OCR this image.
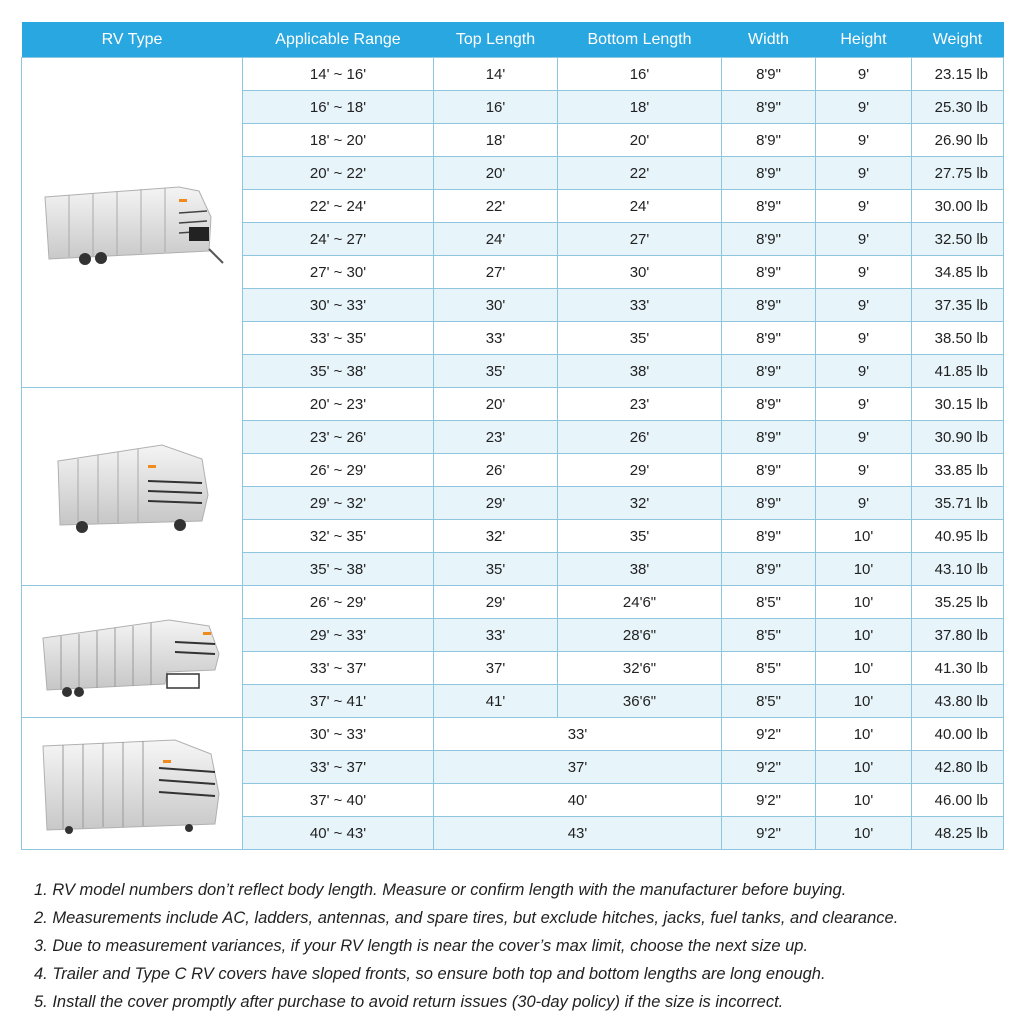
RV Type	Applicable Range	Top Length	Bottom Length	Width	Height	Weight

	14' ~ 16'	14'	16'	8'9"	9'	23.15 lb
	16' ~ 18'	16'	18'	8'9"	9'	25.30 lb
	18' ~ 20'	18'	20'	8'9"	9'	26.90 lb
	20' ~ 22'	20'	22'	8'9"	9'	27.75 lb
	22' ~ 24'	22'	24'	8'9"	9'	30.00 lb
	24' ~ 27'	24'	27'	8'9"	9'	32.50 lb
	27' ~ 30'	27'	30'	8'9"	9'	34.85 lb
	30' ~ 33'	30'	33'	8'9"	9'	37.35 lb
	33' ~ 35'	33'	35'	8'9"	9'	38.50 lb
	35' ~ 38'	35'	38'	8'9"	9'	41.85 lb

	20' ~ 23'	20'	23'	8'9"	9'	30.15 lb
	23' ~ 26'	23'	26'	8'9"	9'	30.90 lb
	26' ~ 29'	26'	29'	8'9"	9'	33.85 lb
	29' ~ 32'	29'	32'	8'9"	9'	35.71 lb
	32' ~ 35'	32'	35'	8'9"	10'	40.95 lb
	35' ~ 38'	35'	38'	8'9"	10'	43.10 lb

	26' ~ 29'	29'	24'6"	8'5"	10'	35.25 lb
	29' ~ 33'	33'	28'6"	8'5"	10'	37.80 lb
	33' ~ 37'	37'	32'6"	8'5"	10'	41.30 lb
	37' ~ 41'	41'	36'6"	8'5"	10'	43.80 lb

	30' ~ 33'	33'		9'2"	10'	40.00 lb
	33' ~ 37'	37'		9'2"	10'	42.80 lb
	37' ~ 40'	40'		9'2"	10'	46.00 lb
	40' ~ 43'	43'		9'2"	10'	48.25 lb

1. RV model numbers don’t reflect body length. Measure or confirm length with the manufacturer before buying.

2. Measurements include AC, ladders, antennas, and spare tires, but exclude hitches, jacks, fuel tanks, and clearance.

3. Due to measurement variances, if your RV length is near the cover’s max limit, choose the next size up.

4. Trailer and Type C RV covers have sloped fronts, so ensure both top and bottom lengths are long enough.

5. Install the cover promptly after purchase to avoid return issues (30-day policy) if the size is incorrect.
